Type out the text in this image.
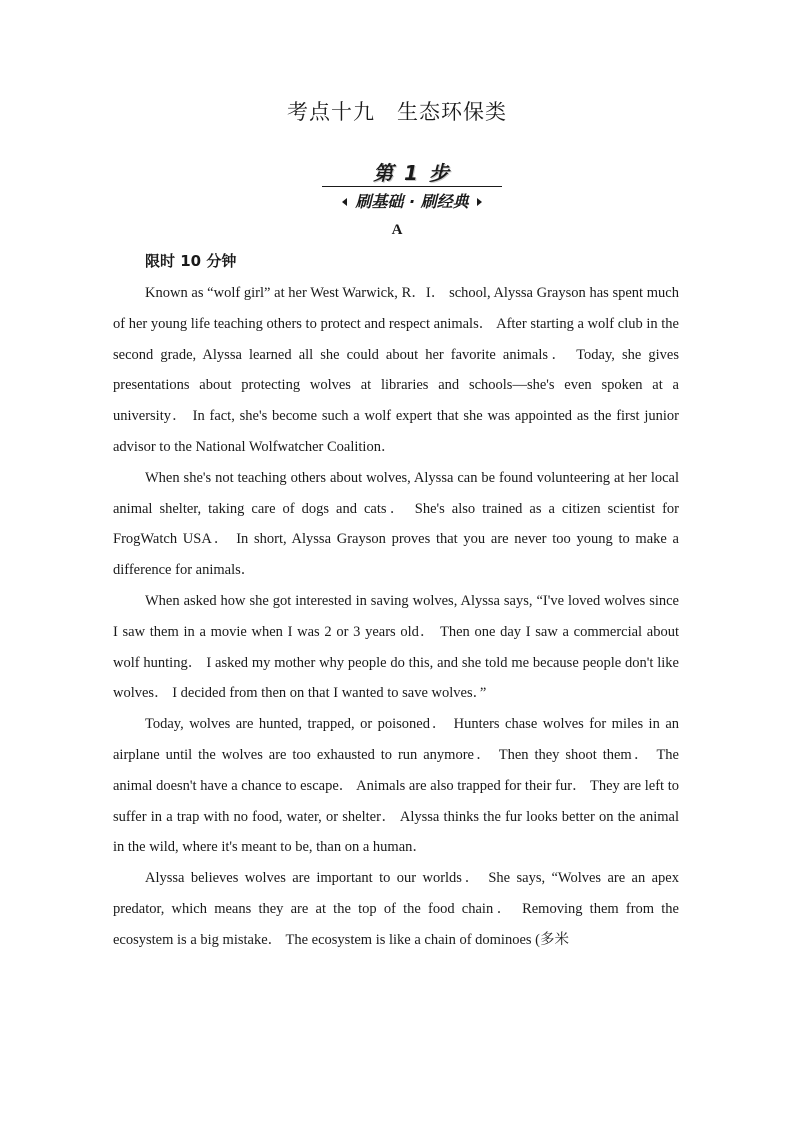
考点十九　生态环保类
第 1 步
刷基础 · 刷经典
A
限时 10 分钟

Known as “wolf girl” at her West Warwick, R．I． school, Alyssa Grayson has spent much of her young life teaching others to protect and respect animals． After starting a wolf club in the second grade, Alyssa learned all she could about her favorite animals． Today, she gives presentations about protecting wolves at libraries and schools—she's even spoken at a university． In fact, she's become such a wolf expert that she was appointed as the first junior advisor to the National Wolfwatcher Coalition．

When she's not teaching others about wolves, Alyssa can be found volunteering at her local animal shelter, taking care of dogs and cats． She's also trained as a citizen scientist for FrogWatch USA． In short, Alyssa Grayson proves that you are never too young to make a difference for animals．

When asked how she got interested in saving wolves, Alyssa says, “I've loved wolves since I saw them in a movie when I was 2 or 3 years old． Then one day I saw a commercial about wolf hunting． I asked my mother why people do this, and she told me because people don't like wolves． I decided from then on that I wanted to save wolves．”

Today, wolves are hunted, trapped, or poisoned． Hunters chase wolves for miles in an airplane until the wolves are too exhausted to run anymore． Then they shoot them． The animal doesn't have a chance to escape． Animals are also trapped for their fur． They are left to suffer in a trap with no food, water, or shelter． Alyssa thinks the fur looks better on the animal in the wild, where it's meant to be, than on a human．

Alyssa believes wolves are important to our worlds． She says, “Wolves are an apex predator, which means they are at the top of the food chain． Removing them from the ecosystem is a big mistake． The ecosystem is like a chain of dominoes (多米
